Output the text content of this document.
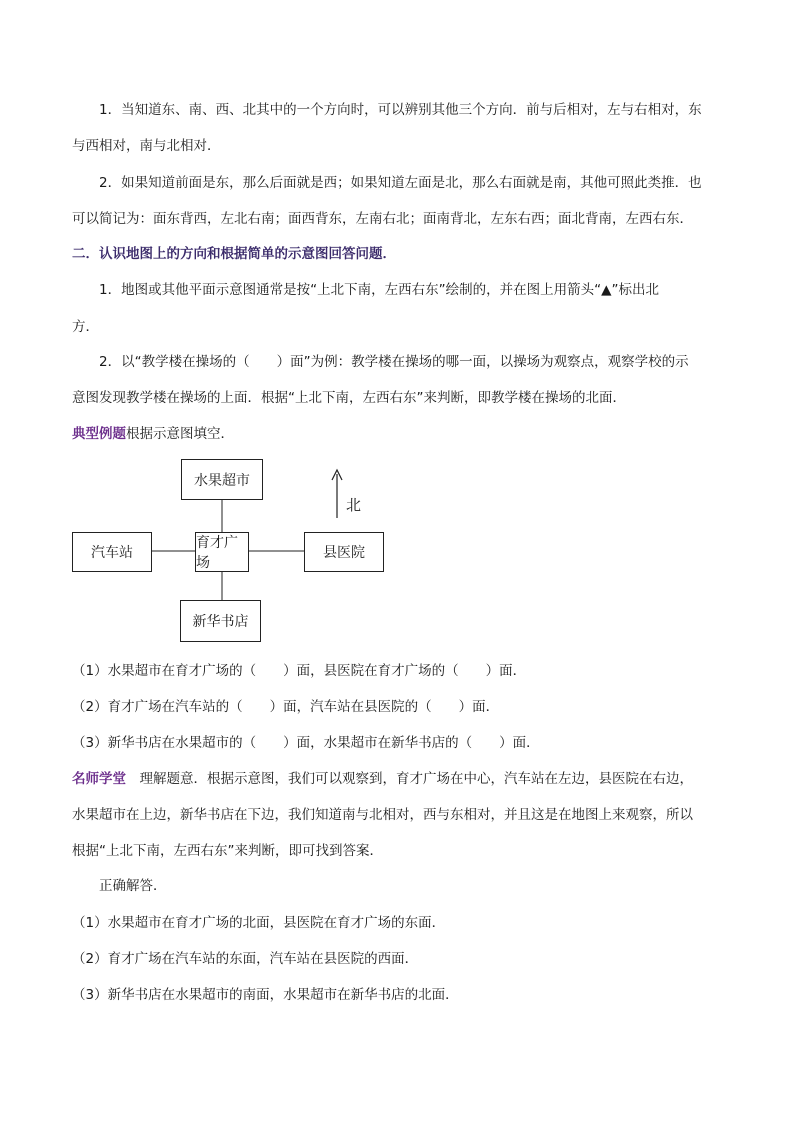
1．当知道东、南、西、北其中的一个方向时，可以辨别其他三个方向．前与后相对，左与右相对，东
与西相对，南与北相对．
2．如果知道前面是东，那么后面就是西；如果知道左面是北，那么右面就是南，其他可照此类推．也
可以简记为：面东背西，左北右南；面西背东，左南右北；面南背北，左东右西；面北背南，左西右东．
二．认识地图上的方向和根据简单的示意图回答问题．
1．地图或其他平面示意图通常是按“上北下南，左西右东”绘制的，并在图上用箭头“▲”标出北
方．
2．以“教学楼在操场的（　　）面”为例：教学楼在操场的哪一面，以操场为观察点，观察学校的示
意图发现教学楼在操场的上面．根据“上北下南，左西右东”来判断，即教学楼在操场的北面．
典型例题根据示意图填空．
水果超市
育才广场
汽车站	县医院
新华书店
北
（1）水果超市在育才广场的（　　）面，县医院在育才广场的（　　）面．
（2）育才广场在汽车站的（　　）面，汽车站在县医院的（　　）面．
（3）新华书店在水果超市的（　　）面，水果超市在新华书店的（　　）面．
名师学堂　理解题意．根据示意图，我们可以观察到，育才广场在中心，汽车站在左边，县医院在右边，
水果超市在上边，新华书店在下边，我们知道南与北相对，西与东相对，并且这是在地图上来观察，所以
根据“上北下南，左西右东”来判断，即可找到答案．
正确解答．
（1）水果超市在育才广场的北面，县医院在育才广场的东面．
（2）育才广场在汽车站的东面，汽车站在县医院的西面．
（3）新华书店在水果超市的南面，水果超市在新华书店的北面．
